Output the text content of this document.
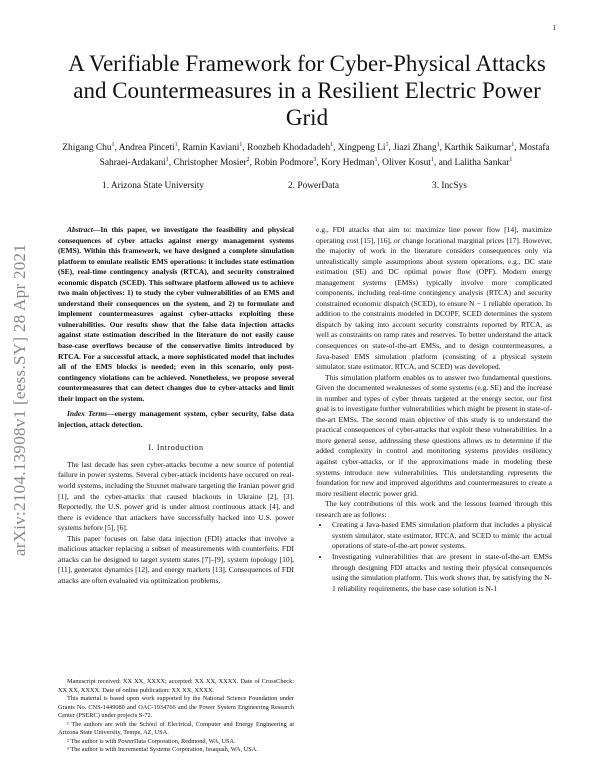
1
arXiv:2104.13908v1 [eess.SY] 28 Apr 2021
A Verifiable Framework for Cyber-Physical Attacks and Countermeasures in a Resilient Electric Power Grid
Zhigang Chu$^1$, Andrea Pinceti$^1$, Ramin Kaviani$^1$, Roozbeh Khodadadeh$^1$, Xingpeng Li$^1$, Jiazi Zhang$^1$, Karthik Saikumar$^1$, Mostafa Sahraei-Ardakani$^1$, Christopher Mosier$^2$, Robin Podmore$^3$, Kory Hedman$^1$, Oliver Kosut$^1$, and Lalitha Sankar$^1$
1. Arizona State University	2. PowerData	3. IncSys

Abstract—In this paper, we investigate the feasibility and physical consequences of cyber attacks against energy management systems (EMS). Within this framework, we have designed a complete simulation platform to emulate realistic EMS operations: it includes state estimation (SE), real-time contingency analysis (RTCA), and security constrained economic dispatch (SCED). This software platform allowed us to achieve two main objectives: 1) to study the cyber vulnerabilities of an EMS and understand their consequences on the system, and 2) to formulate and implement countermeasures against cyber-attacks exploiting these vulnerabilities. Our results show that the false data injection attacks against state estimation described in the literature do not easily cause base-case overflows because of the conservative limits introduced by RTCA. For a successful attack, a more sophisticated model that includes all of the EMS blocks is needed; even in this scenario, only post-contingency violations can be achieved. Nonetheless, we propose several countermeasures that can detect changes due to cyber-attacks and limit their impact on the system.

Index Terms—energy management system, cyber security, false data injection, attack detection.

I. Introduction

The last decade has seen cyber-attacks become a new source of potential failure in power systems. Several cyber-attack incidents have occured on real-world systems, including the Stuxnet malware targeting the Iranian power grid [1], and the cyber-attacks that caused blackouts in Ukraine [2], [3]. Reportedly, the U.S. power grid is under almost continuous attack [4], and there is evidence that attackers have successfully hacked into U.S. power systems before [5], [6].

This paper focuses on false data injection (FDI) attacks that involve a malicious attacker replacing a subset of measurements with counterfeits. FDI attacks can be designed to target system states [7]–[9], system topology [10], [11], generator dynamics [12], and energy markets [13]. Consequences of FDI attacks are often evaluated via optimization problems,

Manuscript received: XX XX, XXXX; accepted: XX XX, XXXX. Date of CrossCheck: XX XX, XXXX. Date of online publication: XX XX, XXXX.

This material is based upon work supported by the National Science Foundation under Grants No. CNS-1449080 and OAC-1934766 and the Power System Engineering Research Center (PSERC) under projects S-72.

¹ The authors are with the School of Electrical, Computer and Energy Engineering at Arizona State University, Tempe, AZ, USA.

² The author is with PowerData Corporation, Redmond, WA, USA.

³ The author is with Incremental Systems Corporation, Issaquah, WA, USA.

e.g., FDI attacks that aim to: maximize line power flow [14], maximize operating cost [15], [16], or change locational marginal prices [17]. However, the majority of work in the literature considers consequences only via unrealistically simple assumptions about system operations, e.g., DC state estimation (SE) and DC optimal power flow (OPF). Modern energy management systems (EMSs) typically involve more complicated components, including real-time contingency analysis (RTCA) and security constrained economic dispatch (SCED), to ensure N − 1 reliable operation. In addition to the constraints modeled in DCOPF, SCED determines the system dispatch by taking into account security constraints reported by RTCA, as well as constraints on ramp rates and reserves. To better understand the attack consequences on state-of-the-art EMSs, and to design countermeasures, a Java-based EMS simulation platform (consisting of a physical system simulator, state estimator, RTCA, and SCED) was developed.

This simulation platform enables us to answer two fundamental questions. Given the documented weaknesses of some systems (e.g. SE) and the increase in number and types of cyber threats targeted at the energy sector, our first goal is to investigate further vulnerabilities which might be present in state-of-the-art EMSs. The second main objective of this study is to understand the practical consequences of cyber-attacks that exploit these vulnerabilities. In a more general sense, addressing these questions allows us to determine if the added complexity in control and monitoring systems provides resiliency against cyber-attacks, or if the approximations made in modeling these systems introduce new vulnerabilities. This understanding represents the foundation for new and improved algorithms and countermeasures to create a more resilient electric power grid.

The key contributions of this work and the lessons learned through this research are as follows:

• Creating a Java-based EMS simulation platform that includes a physical system simulator, state estimator, RTCA, and SCED to mimic the actual operations of state-of-the-art power systems.
• Investigating vulnerabilities that are present in state-of-the-art EMSs through designing FDI attacks and testing their physical consequences using the simulation platform. This work shows that, by satisfying the N-1 reliability requirements, the base case solution is N-1
